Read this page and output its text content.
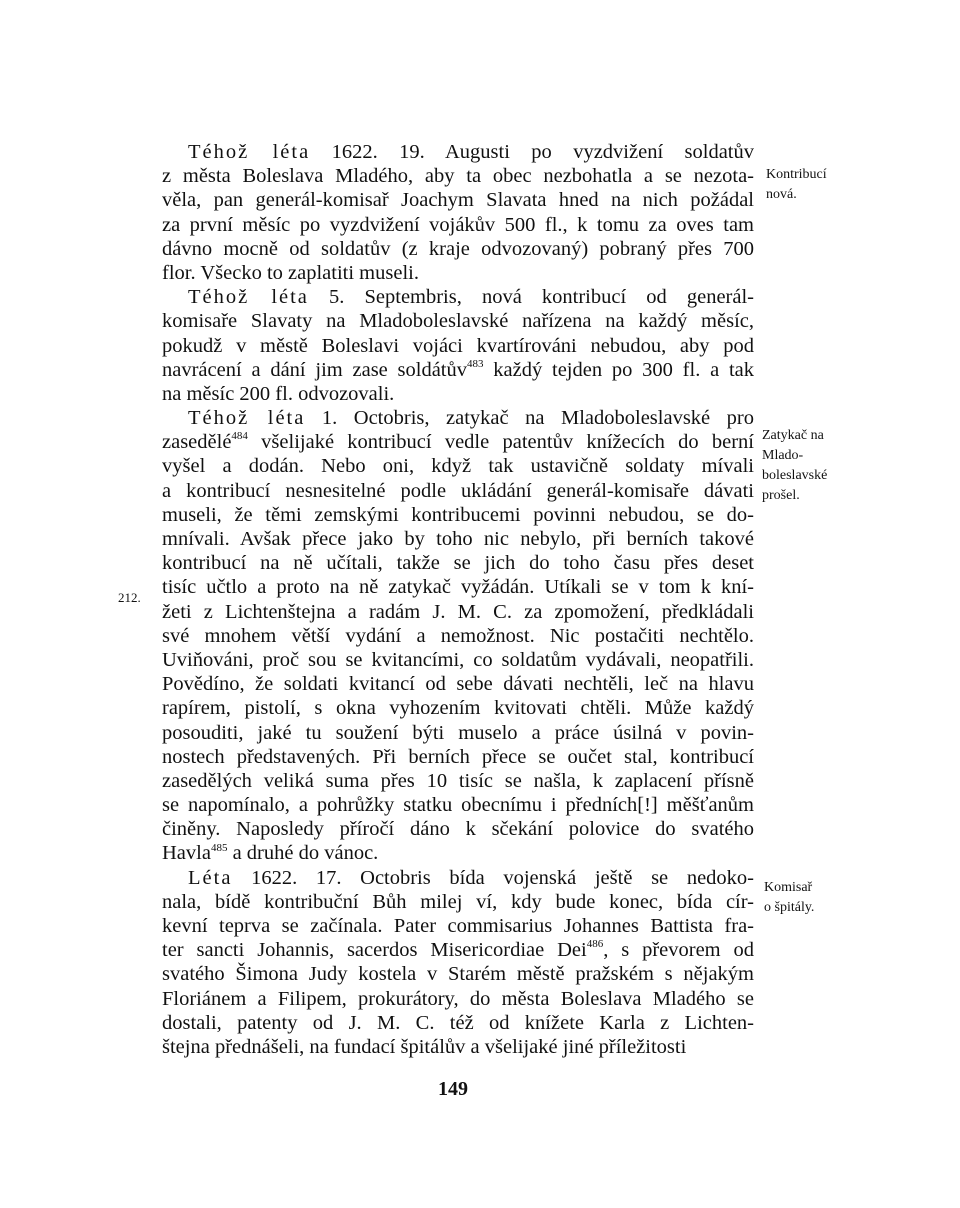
Téhož léta 1622. 19. Augusti po vyzdvižení soldatův
z města Boleslava Mladého, aby ta obec nezbohatla a se nezota-
věla, pan generál-komisař Joachym Slavata hned na nich požádal
za první měsíc po vyzdvižení vojákův 500 fl., k tomu za oves tam
dávno mocně od soldatův (z kraje odvozovaný) pobraný přes 700
flor. Všecko to zaplatiti museli.
Téhož léta 5. Septembris, nová kontribucí od generál-
komisaře Slavaty na Mladoboleslavské nařízena na každý měsíc,
pokudž v městě Boleslavi vojáci kvartírováni nebudou, aby pod
navrácení a dání jim zase soldátův$^{483}$ každý tejden po 300 fl. a tak
na měsíc 200 fl. odvozovali.
Téhož léta 1. Octobris, zatykač na Mladoboleslavské pro
zasedělé$^{484}$ všelijaké kontribucí vedle patentův knížecích do berní
vyšel a dodán. Nebo oni, když tak ustavičně soldaty mívali
a kontribucí nesnesitelné podle ukládání generál-komisaře dávati
museli, že těmi zemskými kontribucemi povinni nebudou, se do-
mnívali. Avšak přece jako by toho nic nebylo, při berních takové
kontribucí na ně učítali, takže se jich do toho času přes deset
tisíc učtlo a proto na ně zatykač vyžádán. Utíkali se v tom k kní-
žeti z Lichtenštejna a radám J. M. C. za zpomožení, předkládali
své mnohem větší vydání a nemožnost. Nic postačiti nechtělo.
Uviňováni, proč sou se kvitancími, co soldatům vydávali, neopatřili.
Povědíno, že soldati kvitancí od sebe dávati nechtěli, leč na hlavu
rapírem, pistolí, s okna vyhozením kvitovati chtěli. Může každý
posouditi, jaké tu soužení býti muselo a práce úsilná v povin-
nostech představených. Při berních přece se oučet stal, kontribucí
zasedělých veliká suma přes 10 tisíc se našla, k zaplacení přísně
se napomínalo, a pohrůžky statku obecnímu i předních[!] měšťanům
činěny. Naposledy příročí dáno k sčekání polovice do svatého
Havla$^{485}$ a druhé do vánoc.
Léta 1622. 17. Octobris bída vojenská ještě se nedoko-
nala, bídě kontribuční Bůh milej ví, kdy bude konec, bída cír-
kevní teprva se začínala. Pater commisarius Johannes Battista fra-
ter sancti Johannis, sacerdos Misericordiae Dei$^{486}$, s převorem od
svatého Šimona Judy kostela v Starém městě pražském s nějakým
Floriánem a Filipem, prokurátory, do města Boleslava Mladého se
dostali, patenty od J. M. C. též od knížete Karla z Lichten-
štejna přednášeli, na fundací špitálův a všelijaké jiné příležitosti
Kontribucí
nová.
Zatykač na
Mlado-
boleslavské
prošel.
Komisař
o špitály.
212.
149
